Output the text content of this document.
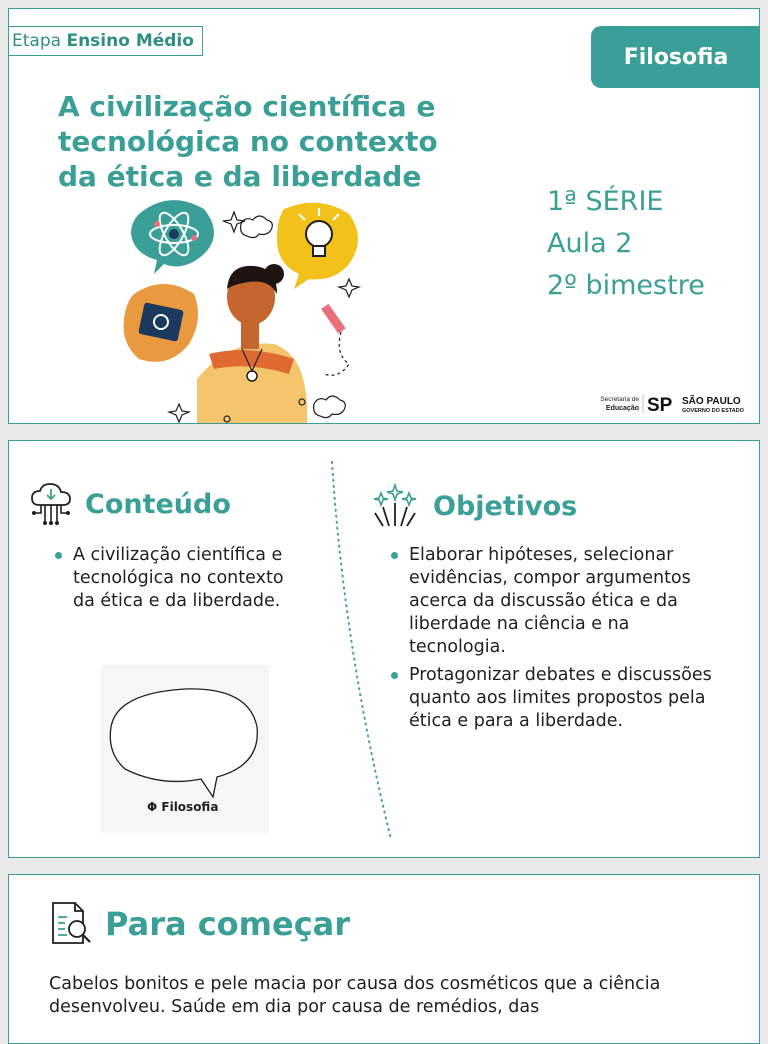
Etapa Ensino Médio
Filosofia
A civilização científica e tecnológica no contexto da ética e da liberdade
1ª SÉRIE
Aula 2
2º bimestre
Secretaria de
Educação SP SÃO PAULO
GOVERNO DO ESTADO
Conteúdo
A civilização científica e tecnológica no contexto da ética e da liberdade.
Φ Filosofia
Objetivos
Elaborar hipóteses, selecionar evidências, compor argumentos acerca da discussão ética e da liberdade na ciência e na tecnologia.
Protagonizar debates e discussões quanto aos limites propostos pela ética e para a liberdade.
Para começar

Cabelos bonitos e pele macia por causa dos cosméticos que a ciência desenvolveu. Saúde em dia por causa de remédios, das
